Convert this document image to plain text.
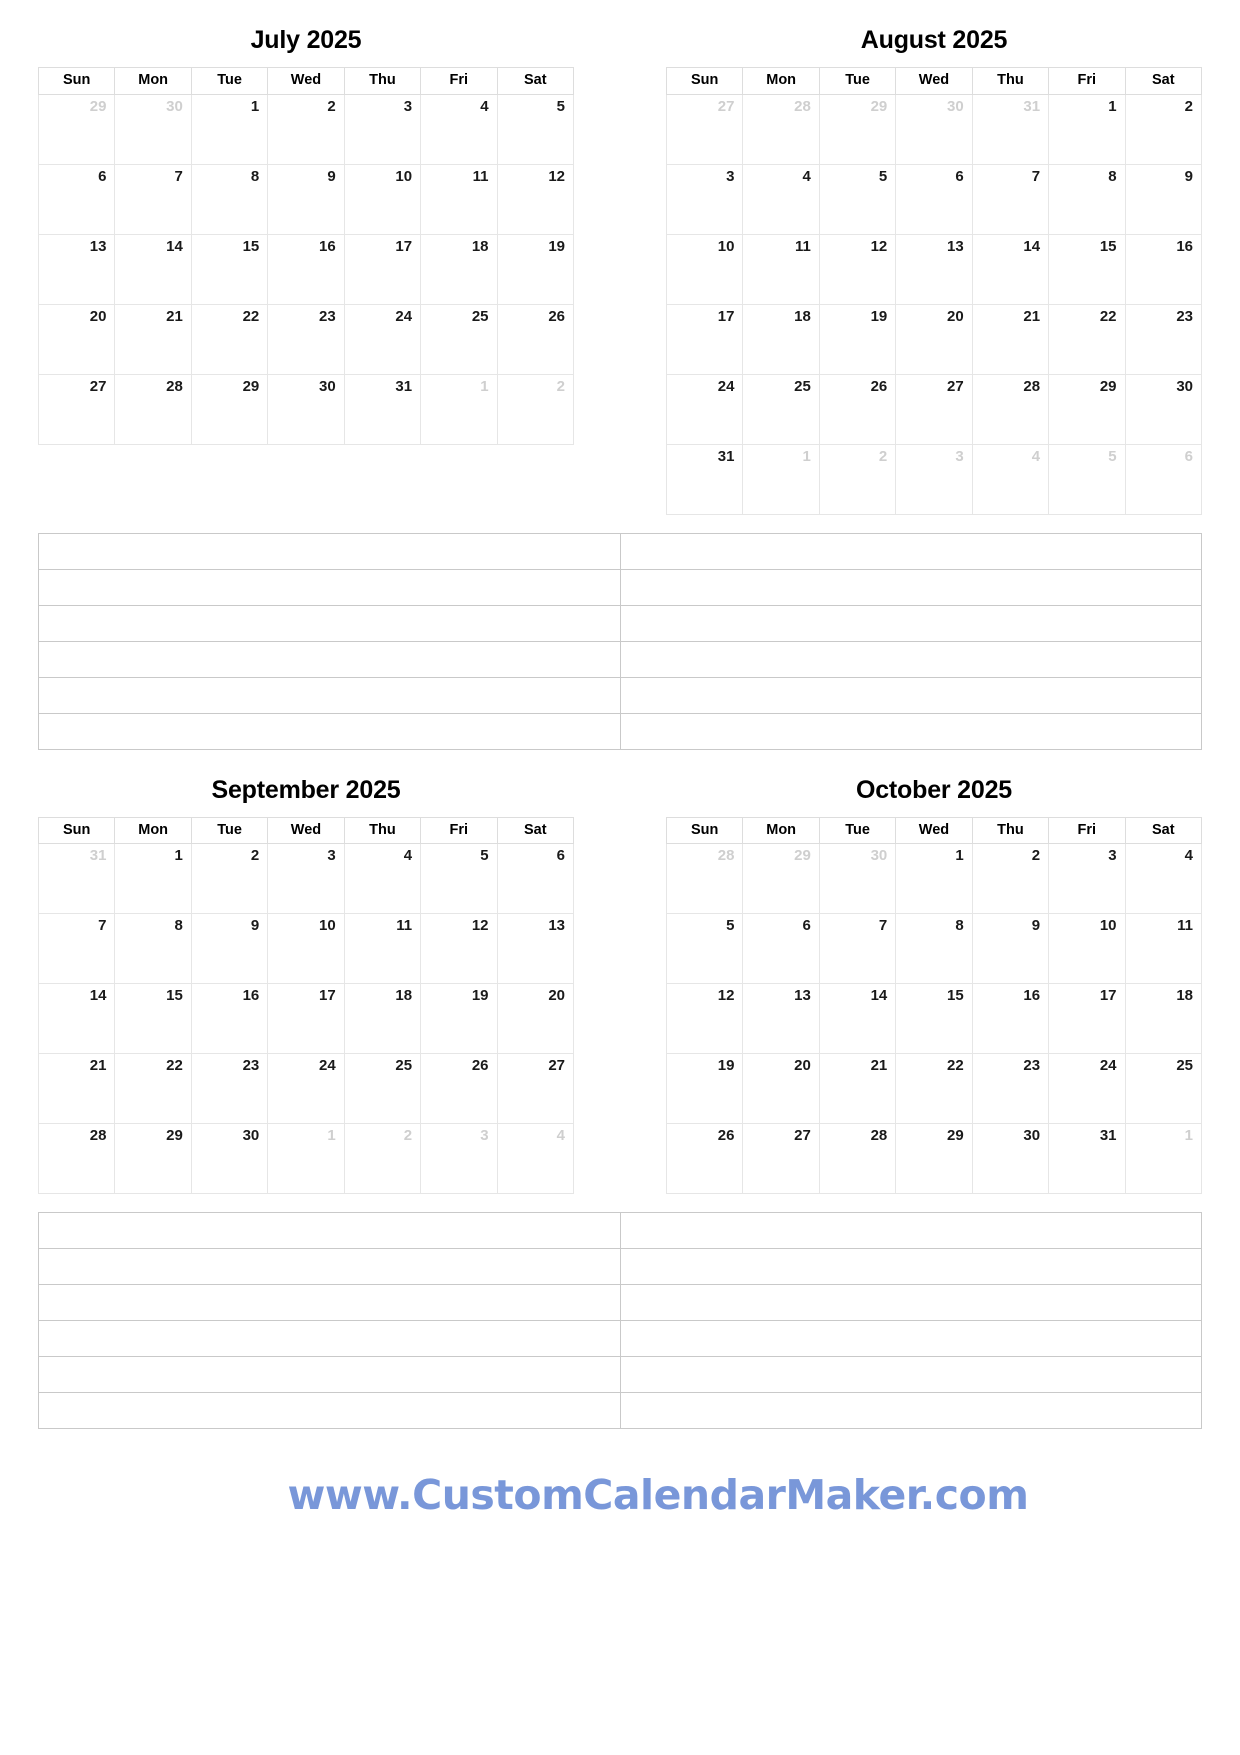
July 2025
Sun	Mon	Tue	Wed	Thu	Fri	Sat
29	30	1	2	3	4	5
6	7	8	9	10	11	12
13	14	15	16	17	18	19
20	21	22	23	24	25	26
27	28	29	30	31	1	2
August 2025
Sun	Mon	Tue	Wed	Thu	Fri	Sat
27	28	29	30	31	1	2
3	4	5	6	7	8	9
10	11	12	13	14	15	16
17	18	19	20	21	22	23
24	25	26	27	28	29	30
31	1	2	3	4	5	6

September 2025
Sun	Mon	Tue	Wed	Thu	Fri	Sat
31	1	2	3	4	5	6
7	8	9	10	11	12	13
14	15	16	17	18	19	20
21	22	23	24	25	26	27
28	29	30	1	2	3	4
October 2025
Sun	Mon	Tue	Wed	Thu	Fri	Sat
28	29	30	1	2	3	4
5	6	7	8	9	10	11
12	13	14	15	16	17	18
19	20	21	22	23	24	25
26	27	28	29	30	31	1

www.CustomCalendarMaker.com
